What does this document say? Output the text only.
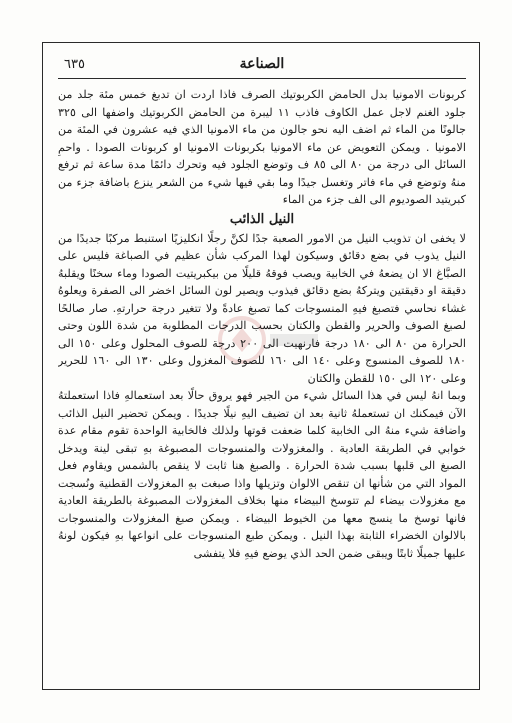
الصناعة
٦٣٥

كربونات الامونيا بدل الحامض الكربوتيك الصرف فاذا اردت ان تدبغ خمس مئة جلد من جلود الغنم لاجل عمل الكاوف فاذب ١١ ليبرة من الحامض الكربوتيك واضفها الى ٣٢٥ جالونًا من الماء ثم اضف اليه نحو جالون من ماء الامونيا الذي فيه عشرون في المئة من الامونيا . ويمكن التعويض عن ماء الامونيا بكربونات الامونيا او كربونات الصودا . واحمِ السائل الى درجة من ٨٠ الى ٨٥ ف وتوضع الجلود فيه وتحرك دائمًا مدة ساعة ثم ترفع منهُ وتوضع في ماء فاتر وتغسل جيدًا وما بقي فيها شيء من الشعر ينزع باضافة جزء من كبريتيد الصوديوم الى الف جزء من الماء

النيل الذائب

لا يخفى ان تذويب النيل من الامور الصعبة جدًا لكنَّ رجلًا انكليزيًا استنبط مركبًا جديدًا من النيل يذوب في بضع دقائق وسيكون لهذا المركب شأن عظيم في الصباغة فليس على الصبَّاغ الا ان يضعهُ في الخابية ويصب فوقهُ قليلًا من بيكبريتيت الصودا وماء سخنًا ويقلبهُ دقيقة او دقيقتين ويتركهُ بضع دقائق فيذوب ويصير لون السائل اخضر الى الصفرة ويعلوهُ غشاء نحاسي فتصبغ فيهِ المنسوجات كما تصبغ عادةً ولا تتغير درجة حرارتهِ. صار صالحًا لصبغ الصوف والحرير والقطن والكتان بحسب الدرجات المطلوبة من شدة اللون وحتى الحرارة من ٨٠ الى ١٨٠ درجة فارنهيت الى ٢٠٠ درجة للصوف المحلول وعلى ١٥٠ الى ١٨٠ للصوف المنسوج وعلى ١٤٠ الى ١٦٠ للصوف المغزول وعلى ١٣٠ الى ١٦٠ للحرير وعلى ١٢٠ الى ١٥٠ للقطن والكتان

وبما انهُ ليس في هذا السائل شيء من الجير فهو يروق حالًا بعد استعمالهِ فاذا استعملتهُ الآن فيمكنك ان تستعملهُ ثانية بعد ان تضيف اليهِ نيلًا جديدًا . ويمكن تحضير النيل الذائب واضافة شيء منهُ الى الخابية كلما ضعفت قوتها ولذلك فالخابية الواحدة تقوم مقام عدة خوابي في الطريقة العادية . والمغزولات والمنسوجات المصبوغة بهِ تبقى لينة ويدخل الصبغ الى قلبها بسبب شدة الحرارة . والصبغ هنا ثابت لا ينقص بالشمس ويقاوم فعل المواد التي من شأنها ان تنقص الالوان وتزيلها واذا صبغت بهِ المغزولات القطنية ونُسجت مع مغزولات بيضاء لم تتوسخ البيضاء منها بخلاف المغزولات المصبوغة بالطريقة العادية فانها توسخ ما ينسج معها من الخيوط البيضاء . ويمكن صبغ المغزولات والمنسوجات بالالوان الخضراء الثابتة بهذا النيل . ويمكن طبع المنسوجات على انواعها بهِ فيكون لونهُ عليها جميلًا ثابتًا ويبقى ضمن الحد الذي يوضع فيهِ فلا يتفشى
